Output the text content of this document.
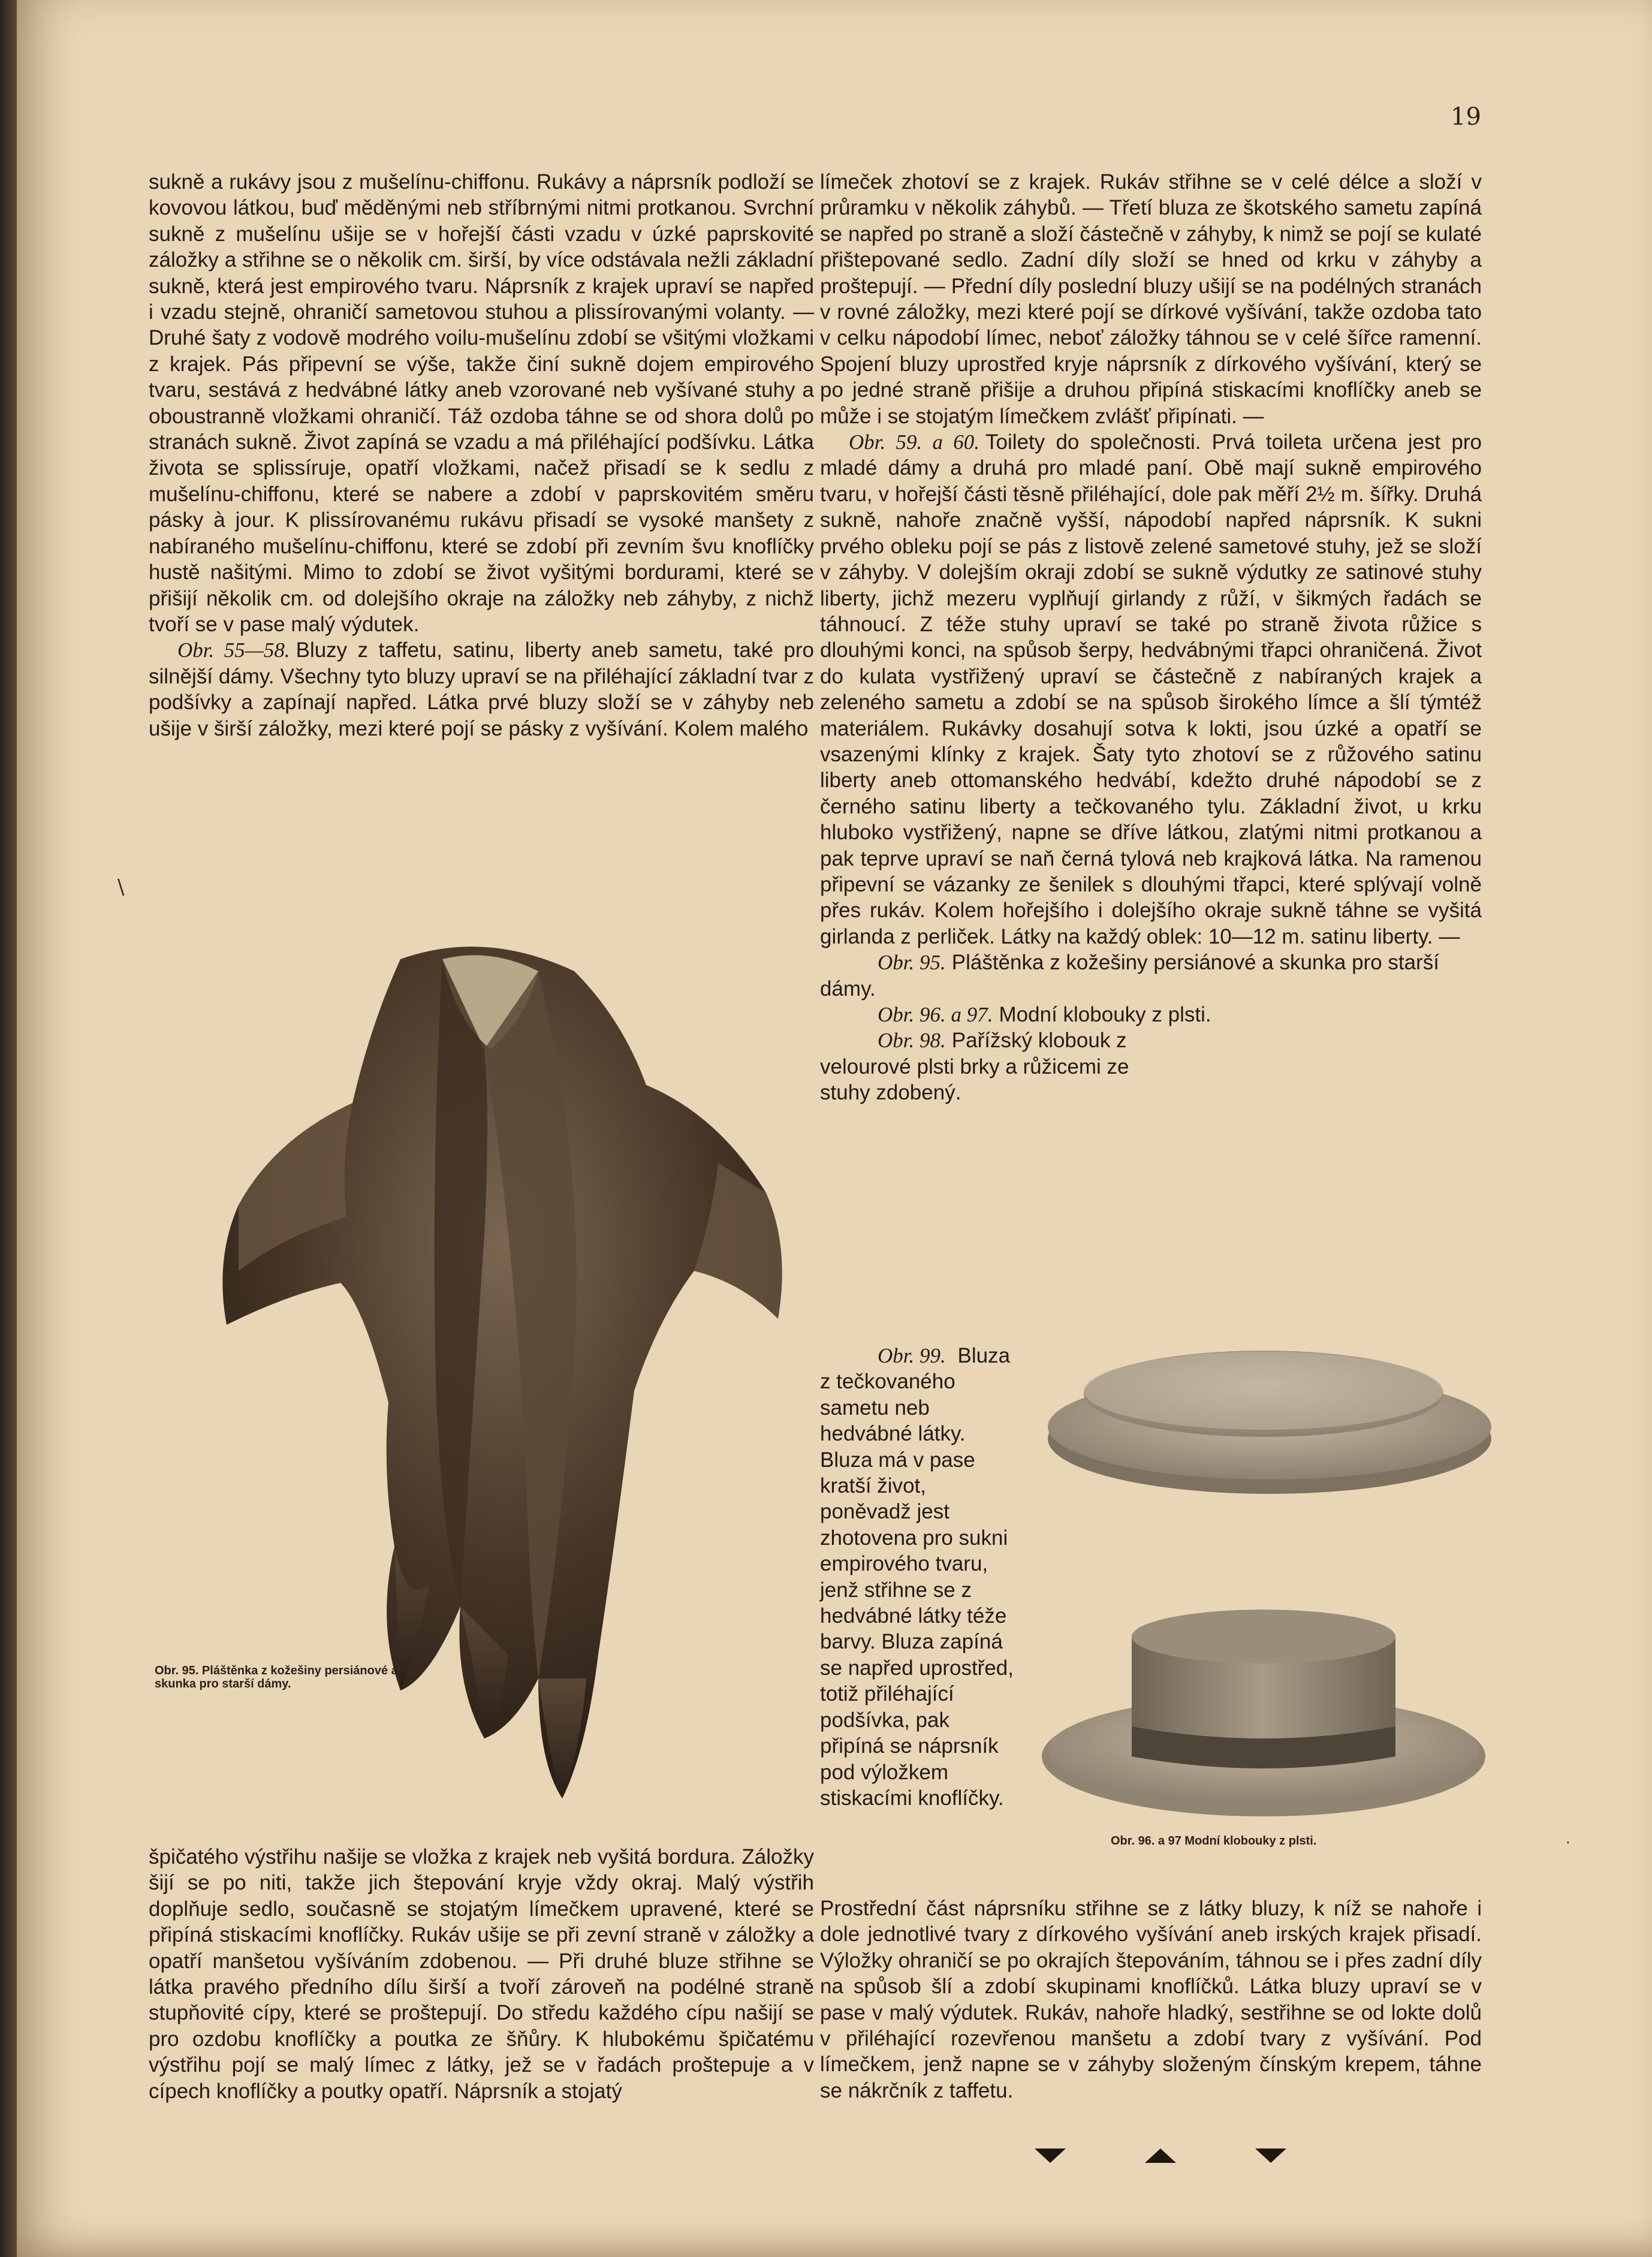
19

sukně a rukávy jsou z mušelínu-chiffonu. Rukávy a náprsník podloží se kovovou látkou, buď měděnými neb stříbrnými nitmi protkanou. Svrchní sukně z mušelínu ušije se v hořejší části vzadu v úzké paprskovité záložky a střihne se o několik cm. širší, by více odstávala nežli základní sukně, která jest empirového tvaru. Náprsník z krajek upraví se napřed i vzadu stejně, ohraničí sametovou stuhou a plissírovanými volanty. — Druhé šaty z vodově modrého voilu-mušelínu zdobí se všitými vložkami z krajek. Pás připevní se výše, takže činí sukně dojem empirového tvaru, sestává z hedvábné látky aneb vzorované neb vyšívané stuhy a oboustranně vložkami ohraničí. Táž ozdoba táhne se od shora dolů po stranách sukně. Život zapíná se vzadu a má přiléhající podšívku. Látka života se splissíruje, opatří vložkami, načež přisadí se k sedlu z mušelínu-chiffonu, které se nabere a zdobí v paprskovitém směru pásky à jour. K plissírovanému rukávu přisadí se vysoké manšety z nabíraného mušelínu-chiffonu, které se zdobí při zevním švu knoflíčky hustě našitými. Mimo to zdobí se život vyšitými bordurami, které se přišijí několik cm. od dolejšího okraje na záložky neb záhyby, z nichž tvoří se v pase malý výdutek.

Obr. 55—58. Bluzy z taffetu, satinu, liberty aneb sametu, také pro silnější dámy. Všechny tyto bluzy upraví se na přiléhající základní tvar z podšívky a zapínají napřed. Látka prvé bluzy složí se v záhyby neb ušije v širší záložky, mezi které pojí se pásky z vyšívání. Kolem malého

Obr. 95. Pláštěnka z kožešiny persiánové a skunka pro starší dámy.

špičatého výstřihu našije se vložka z krajek neb vyšitá bordura. Záložky šijí se po niti, takže jich štepování kryje vždy okraj. Malý výstřih doplňuje sedlo, současně se stojatým límečkem upravené, které se připíná stiskacími knoflíčky. Rukáv ušije se při zevní straně v záložky a opatří manšetou vyšíváním zdobenou. — Při druhé bluze střihne se látka pravého předního dílu širší a tvoří zároveň na podélné straně stupňovité cípy, které se proštepují. Do středu každého cípu našijí se pro ozdobu knoflíčky a poutka ze šňůry. K hlubokému špičatému výstřihu pojí se malý límec z látky, jež se v řadách proštepuje a v cípech knoflíčky a poutky opatří. Náprsník a stojatý

límeček zhotoví se z krajek. Rukáv střihne se v celé délce a složí v průramku v několik záhybů. — Třetí bluza ze škotského sametu zapíná se napřed po straně a složí částečně v záhyby, k nimž se pojí se kulaté přištepované sedlo. Zadní díly složí se hned od krku v záhyby a proštepují. — Přední díly poslední bluzy ušijí se na podélných stranách v rovné záložky, mezi které pojí se dírkové vyšívání, takže ozdoba tato v celku nápodobí límec, neboť záložky táhnou se v celé šířce ramenní. Spojení bluzy uprostřed kryje náprsník z dírkového vyšívání, který se po jedné straně přišije a druhou připíná stiskacími knoflíčky aneb se může i se stojatým límečkem zvlášť připínati. —

Obr. 59. a 60. Toilety do společnosti. Prvá toileta určena jest pro mladé dámy a druhá pro mladé paní. Obě mají sukně empirového tvaru, v hořejší části těsně přiléhající, dole pak měří 2½ m. šířky. Druhá sukně, nahoře značně vyšší, nápodobí napřed náprsník. K sukni prvého obleku pojí se pás z listově zelené sametové stuhy, jež se složí v záhyby. V dolejším okraji zdobí se sukně výdutky ze satinové stuhy liberty, jichž mezeru vyplňují girlandy z růží, v šikmých řadách se táhnoucí. Z téže stuhy upraví se také po straně života růžice s dlouhými konci, na spůsob šerpy, hedvábnými třapci ohraničená. Život do kulata vystřižený upraví se částečně z nabíraných krajek a zeleného sametu a zdobí se na spůsob širokého límce a šlí týmtéž materiálem. Rukávky dosahují sotva k lokti, jsou úzké a opatří se vsazenými klínky z krajek. Šaty tyto zhotoví se z růžového satinu liberty aneb ottomanského hedvábí, kdežto druhé nápodobí se z černého satinu liberty a tečkovaného tylu. Základní život, u krku hluboko vystřižený, napne se dříve látkou, zlatými nitmi protkanou a pak teprve upraví se naň černá tylová neb krajková látka. Na ramenou připevní se vázanky ze šenilek s dlouhými třapci, které splývají volně přes rukáv. Kolem hořejšího i dolejšího okraje sukně táhne se vyšitá girlanda z perliček. Látky na každý oblek: 10—12 m. satinu liberty. —

Obr. 95. Pláštěnka z kožešiny persiánové a skunka pro starší dámy.

Obr. 96. a 97. Modní klobouky z plsti.

Obr. 98. Pařížský klobouk z velourové plsti brky a růžicemi ze stuhy zdobený.

Obr. 99. Bluza z tečkovaného sametu neb hedvábné látky. Bluza má v pase kratší život, poněvadž jest zhotovena pro sukni empirového tvaru, jenž střihne se z hedvábné látky téže barvy. Bluza zapíná se napřed uprostřed, totiž přiléhající podšívka, pak připíná se náprsník pod výložkem stiskacími knoflíčky.
Obr. 96. a 97 Modní klobouky z plsti.

Prostřední část náprsníku střihne se z látky bluzy, k níž se nahoře i dole jednotlivé tvary z dírkového vyšívání aneb irských krajek přisadí. Výložky ohraničí se po okrajích štepováním, táhnou se i přes zadní díly na spůsob šlí a zdobí skupinami knoflíčků. Látka bluzy upraví se v pase v malý výdutek. Rukáv, nahoře hladký, sestřihne se od lokte dolů v přiléhající rozevřenou manšetu a zdobí tvary z vyšívání. Pod límečkem, jenž napne se v záhyby složeným čínským krepem, táhne se nákrčník z taffetu.

\
·
